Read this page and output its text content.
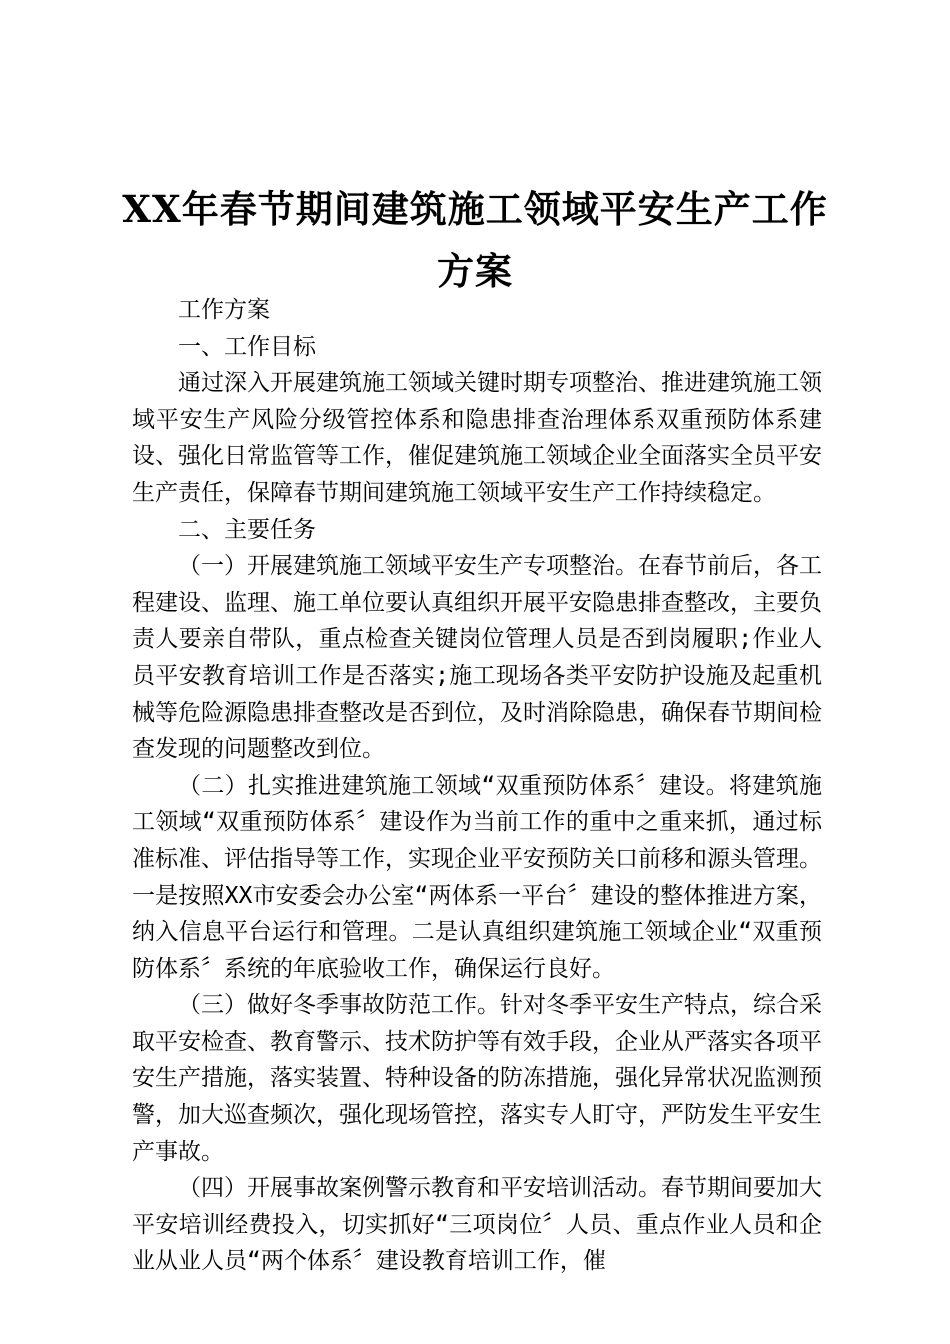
XX年春节期间建筑施工领域平安生产工作方案

工作方案

一、工作目标

通过深入开展建筑施工领域关键时期专项整治、推进建筑施工领域平安生产风险分级管控体系和隐患排查治理体系双重预防体系建设、强化日常监管等工作，催促建筑施工领域企业全面落实全员平安生产责任，保障春节期间建筑施工领域平安生产工作持续稳定。

二、主要任务

（一）开展建筑施工领域平安生产专项整治。在春节前后，各工程建设、监理、施工单位要认真组织开展平安隐患排查整改，主要负责人要亲自带队，重点检查关键岗位管理人员是否到岗履职;作业人员平安教育培训工作是否落实;施工现场各类平安防护设施及起重机械等危险源隐患排查整改是否到位，及时消除隐患，确保春节期间检查发现的问题整改到位。

（二）扎实推进建筑施工领域“双重预防体系〞建设。将建筑施工领域“双重预防体系〞建设作为当前工作的重中之重来抓，通过标准标准、评估指导等工作，实现企业平安预防关口前移和源头管理。一是按照XX市安委会办公室“两体系一平台〞建设的整体推进方案，纳入信息平台运行和管理。二是认真组织建筑施工领域企业“双重预防体系〞系统的年底验收工作，确保运行良好。

（三）做好冬季事故防范工作。针对冬季平安生产特点，综合采取平安检查、教育警示、技术防护等有效手段，企业从严落实各项平安生产措施，落实装置、特种设备的防冻措施，强化异常状况监测预警，加大巡查频次，强化现场管控，落实专人盯守，严防发生平安生产事故。

（四）开展事故案例警示教育和平安培训活动。春节期间要加大平安培训经费投入，切实抓好“三项岗位〞人员、重点作业人员和企业从业人员“两个体系〞建设教育培训工作，催
